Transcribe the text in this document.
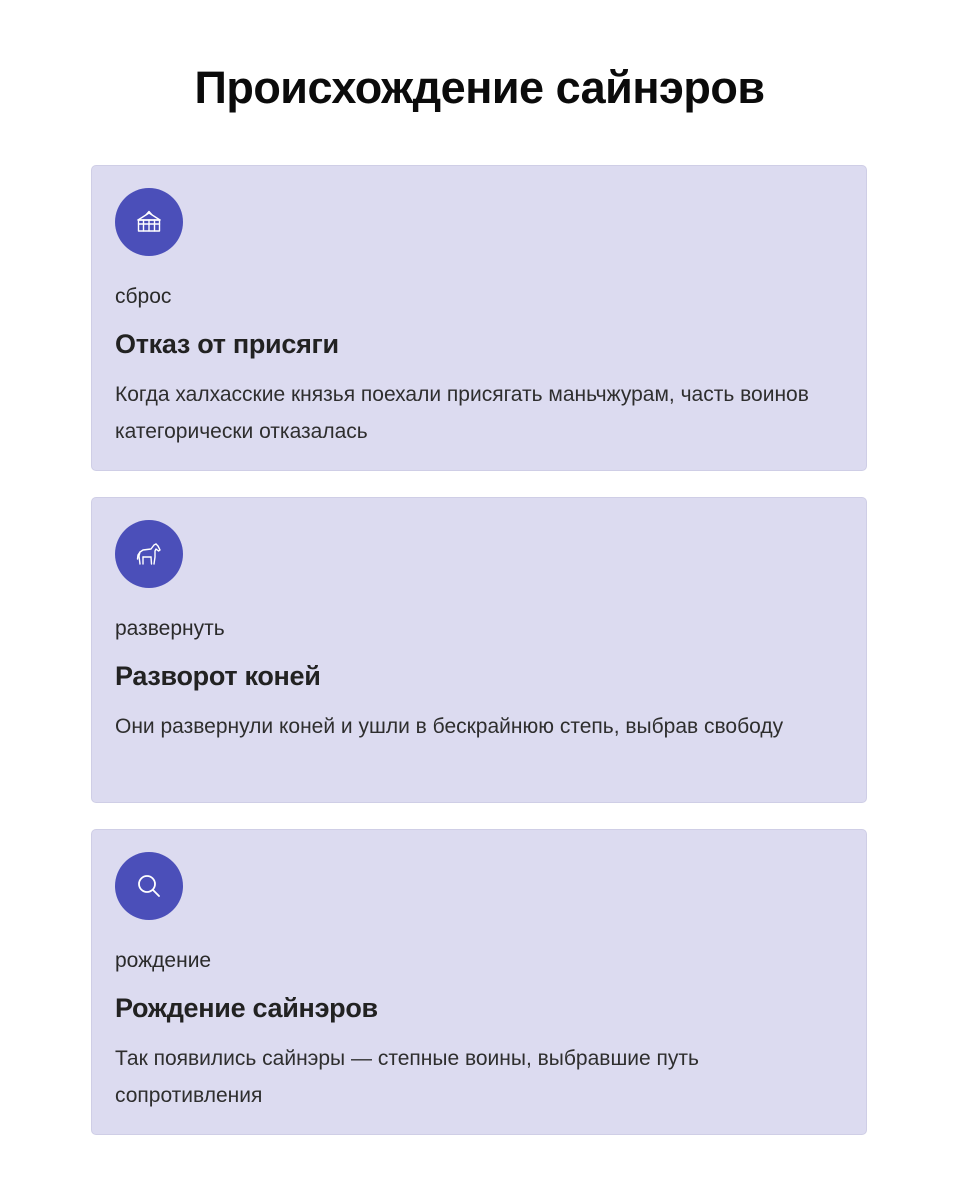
Происхождение сайнэров
сброс
Отказ от присяги
Когда халхасские князья поехали присягать маньчжурам, часть воинов категорически отказалась
развернуть
Разворот коней
Они развернули коней и ушли в бескрайнюю степь, выбрав свободу
рождение
Рождение сайнэров
Так появились сайнэры — степные воины, выбравшие путь сопротивления
